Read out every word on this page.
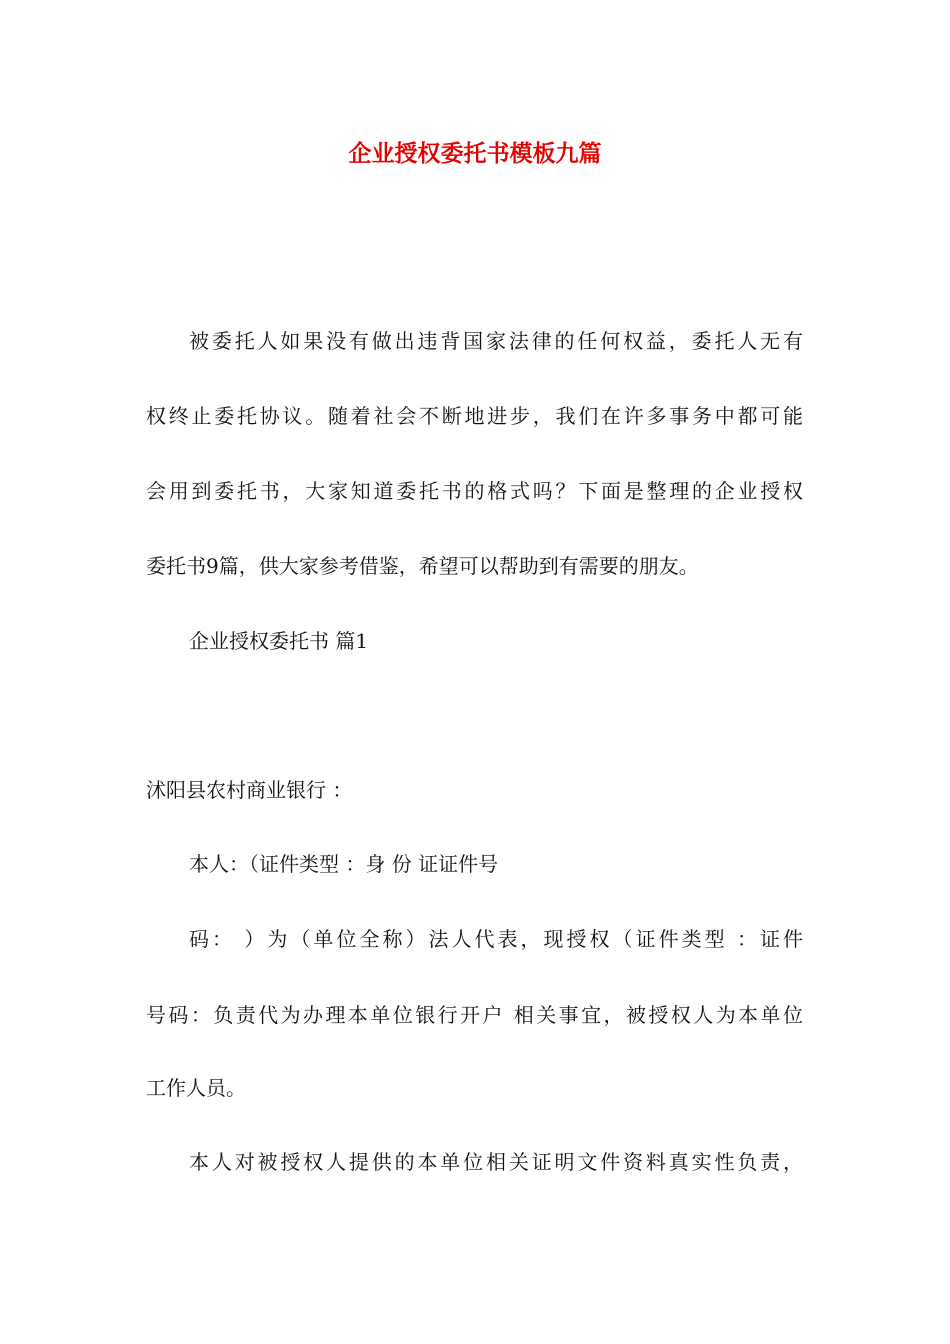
企业授权委托书模板九篇

被委托人如果没有做出违背国家法律的任何权益，委托人无有

权终止委托协议。随着社会不断地进步，我们在许多事务中都可能

会用到委托书，大家知道委托书的格式吗？下面是整理的企业授权

委托书9篇，供大家参考借鉴，希望可以帮助到有需要的朋友。

企业授权委托书 篇1

沭阳县农村商业银行 ：

本人：（证件类型 ：身 份 证证件号

码： ）为（单位全称）法人代表，现授权（证件类型 ：证件

号码：负责代为办理本单位银行开户 相关事宜，被授权人为本单位

工作人员。

本人对被授权人提供的本单位相关证明文件资料真实性负责，
